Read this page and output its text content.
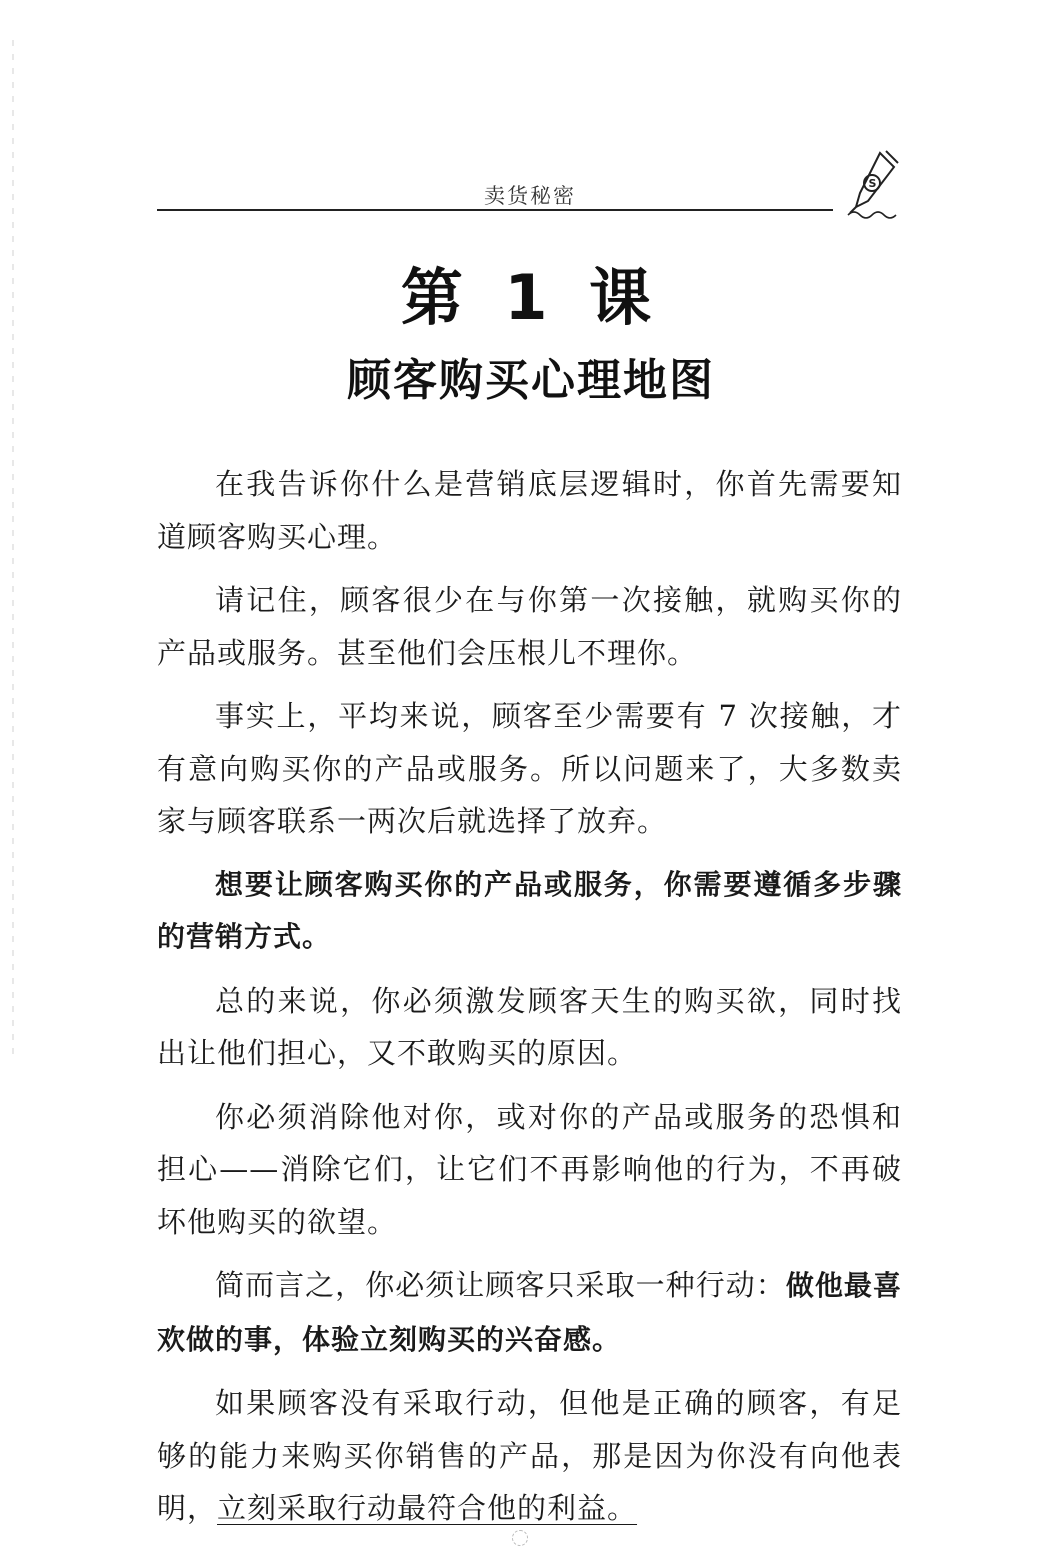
卖货秘密
S
第 1 课
顾客购买心理地图

在我告诉你什么是营销底层逻辑时，你首先需要知道顾客购买心理。

请记住，顾客很少在与你第一次接触，就购买你的产品或服务。甚至他们会压根儿不理你。

事实上，平均来说，顾客至少需要有 7 次接触，才有意向购买你的产品或服务。所以问题来了，大多数卖家与顾客联系一两次后就选择了放弃。

想要让顾客购买你的产品或服务，你需要遵循多步骤的营销方式。

总的来说，你必须激发顾客天生的购买欲，同时找出让他们担心，又不敢购买的原因。

你必须消除他对你，或对你的产品或服务的恐惧和担心——消除它们，让它们不再影响他的行为，不再破坏他购买的欲望。

简而言之，你必须让顾客只采取一种行动：做他最喜欢做的事，体验立刻购买的兴奋感。

如果顾客没有采取行动，但他是正确的顾客，有足够的能力来购买你销售的产品，那是因为你没有向他表明，立刻采取行动最符合他的利益。
